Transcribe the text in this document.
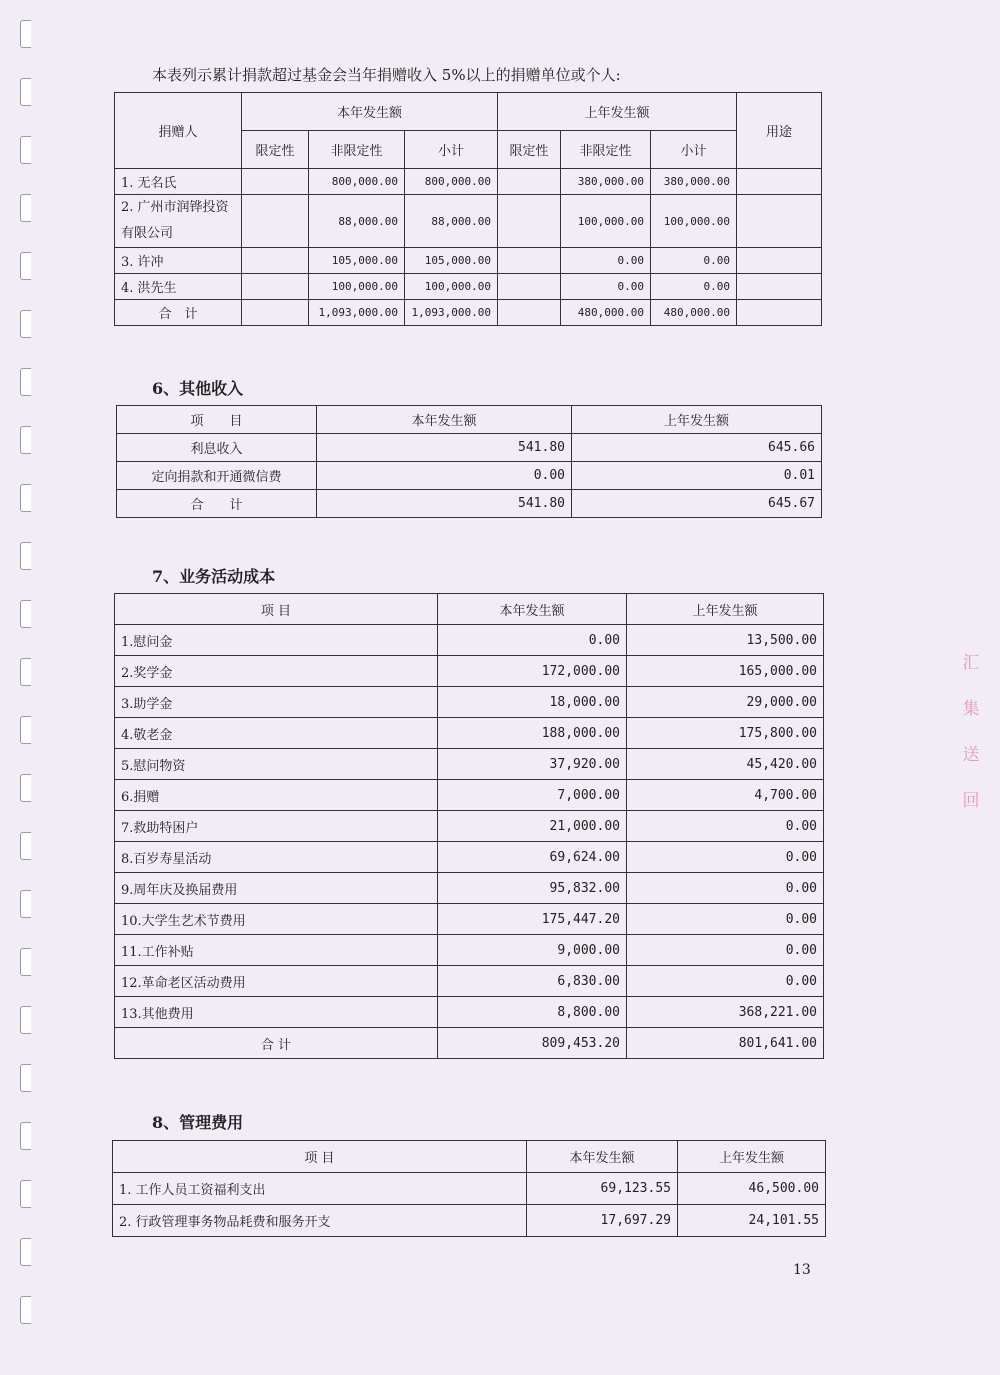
本表列示累计捐款超过基金会当年捐赠收入 5%以上的捐赠单位或个人:
捐赠人	本年发生额			上年发生额			用途
	限定性	非限定性	小计	限定性	非限定性	小计	
1. 无名氏		800,000.00	800,000.00		380,000.00	380,000.00	
2. 广州市润铧投资有限公司		88,000.00	88,000.00		100,000.00	100,000.00	
3. 许冲		105,000.00	105,000.00		0.00	0.00	
4. 洪先生		100,000.00	100,000.00		0.00	0.00	
合　计		1,093,000.00	1,093,000.00		480,000.00	480,000.00	
6、其他收入
项　　目	本年发生额	上年发生额
利息收入	541.80	645.66
定向捐款和开通微信费	0.00	0.01
合　　计	541.80	645.67
7、业务活动成本
项 目	本年发生额	上年发生额
1.慰问金	0.00	13,500.00
2.奖学金	172,000.00	165,000.00
3.助学金	18,000.00	29,000.00
4.敬老金	188,000.00	175,800.00
5.慰问物资	37,920.00	45,420.00
6.捐赠	7,000.00	4,700.00
7.救助特困户	21,000.00	0.00
8.百岁寿星活动	69,624.00	0.00
9.周年庆及换届费用	95,832.00	0.00
10.大学生艺术节费用	175,447.20	0.00
11.工作补贴	9,000.00	0.00
12.革命老区活动费用	6,830.00	0.00
13.其他费用	8,800.00	368,221.00
合 计	809,453.20	801,641.00
8、管理费用
项 目	本年发生额	上年发生额
1. 工作人员工资福利支出	69,123.55	46,500.00
2. 行政管理事务物品耗费和服务开支	17,697.29	24,101.55
汇 集 送 回
13
